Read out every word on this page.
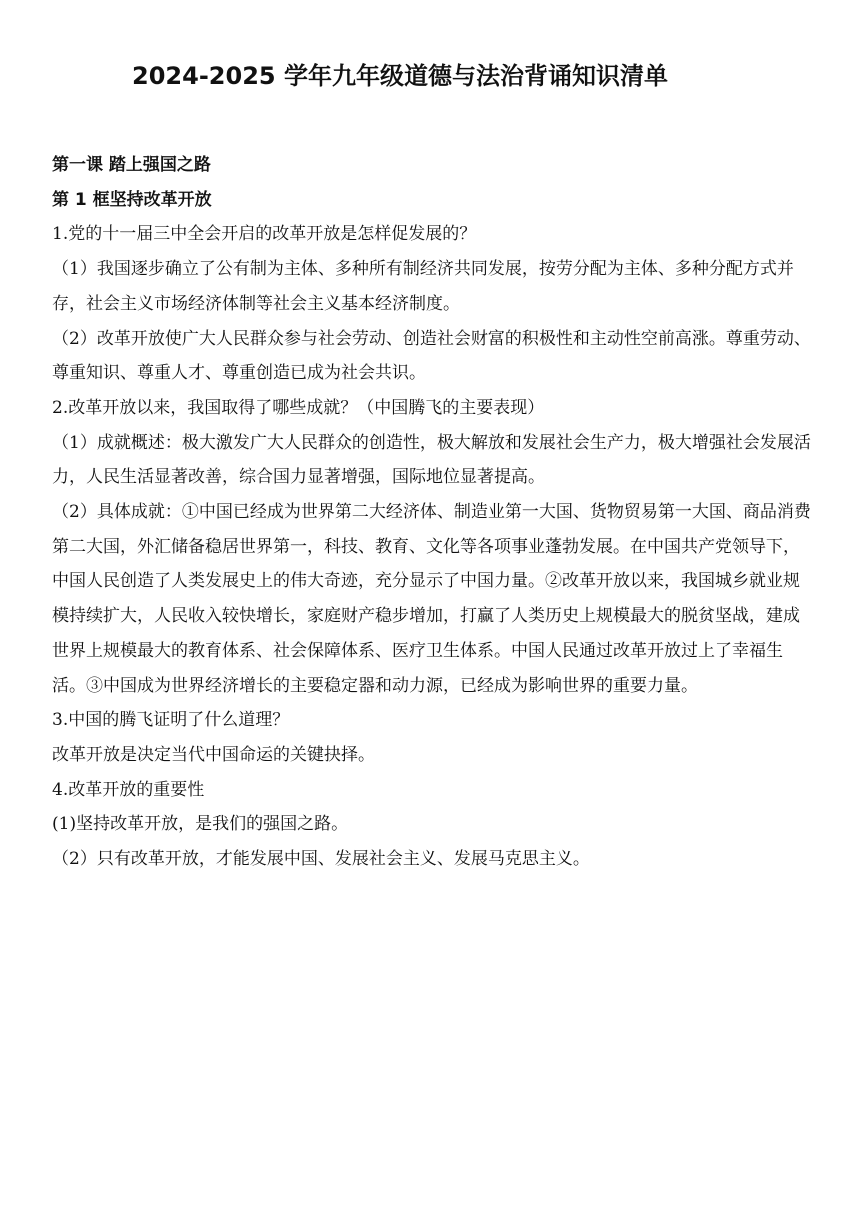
2024-2025 学年九年级道德与法治背诵知识清单

第一课 踏上强国之路

第 1 框坚持改革开放

1.党的十一届三中全会开启的改革开放是怎样促发展的？

（1）我国逐步确立了公有制为主体、多种所有制经济共同发展，按劳分配为主体、多种分配方式并存，社会主义市场经济体制等社会主义基本经济制度。

（2）改革开放使广大人民群众参与社会劳动、创造社会财富的积极性和主动性空前高涨。尊重劳动、尊重知识、尊重人才、尊重创造已成为社会共识。

2.改革开放以来，我国取得了哪些成就？（中国腾飞的主要表现）

（1）成就概述：极大激发广大人民群众的创造性，极大解放和发展社会生产力，极大增强社会发展活力，人民生活显著改善，综合国力显著增强，国际地位显著提高。

（2）具体成就：①中国已经成为世界第二大经济体、制造业第一大国、货物贸易第一大国、商品消费第二大国，外汇储备稳居世界第一，科技、教育、文化等各项事业蓬勃发展。在中国共产党领导下，中国人民创造了人类发展史上的伟大奇迹，充分显示了中国力量。②改革开放以来，我国城乡就业规模持续扩大，人民收入较快增长，家庭财产稳步增加，打赢了人类历史上规模最大的脱贫坚战，建成世界上规模最大的教育体系、社会保障体系、医疗卫生体系。中国人民通过改革开放过上了幸福生活。③中国成为世界经济增长的主要稳定器和动力源，已经成为影响世界的重要力量。

3.中国的腾飞证明了什么道理？

改革开放是决定当代中国命运的关键抉择。

4.改革开放的重要性

(1)坚持改革开放，是我们的强国之路。

（2）只有改革开放，才能发展中国、发展社会主义、发展马克思主义。
